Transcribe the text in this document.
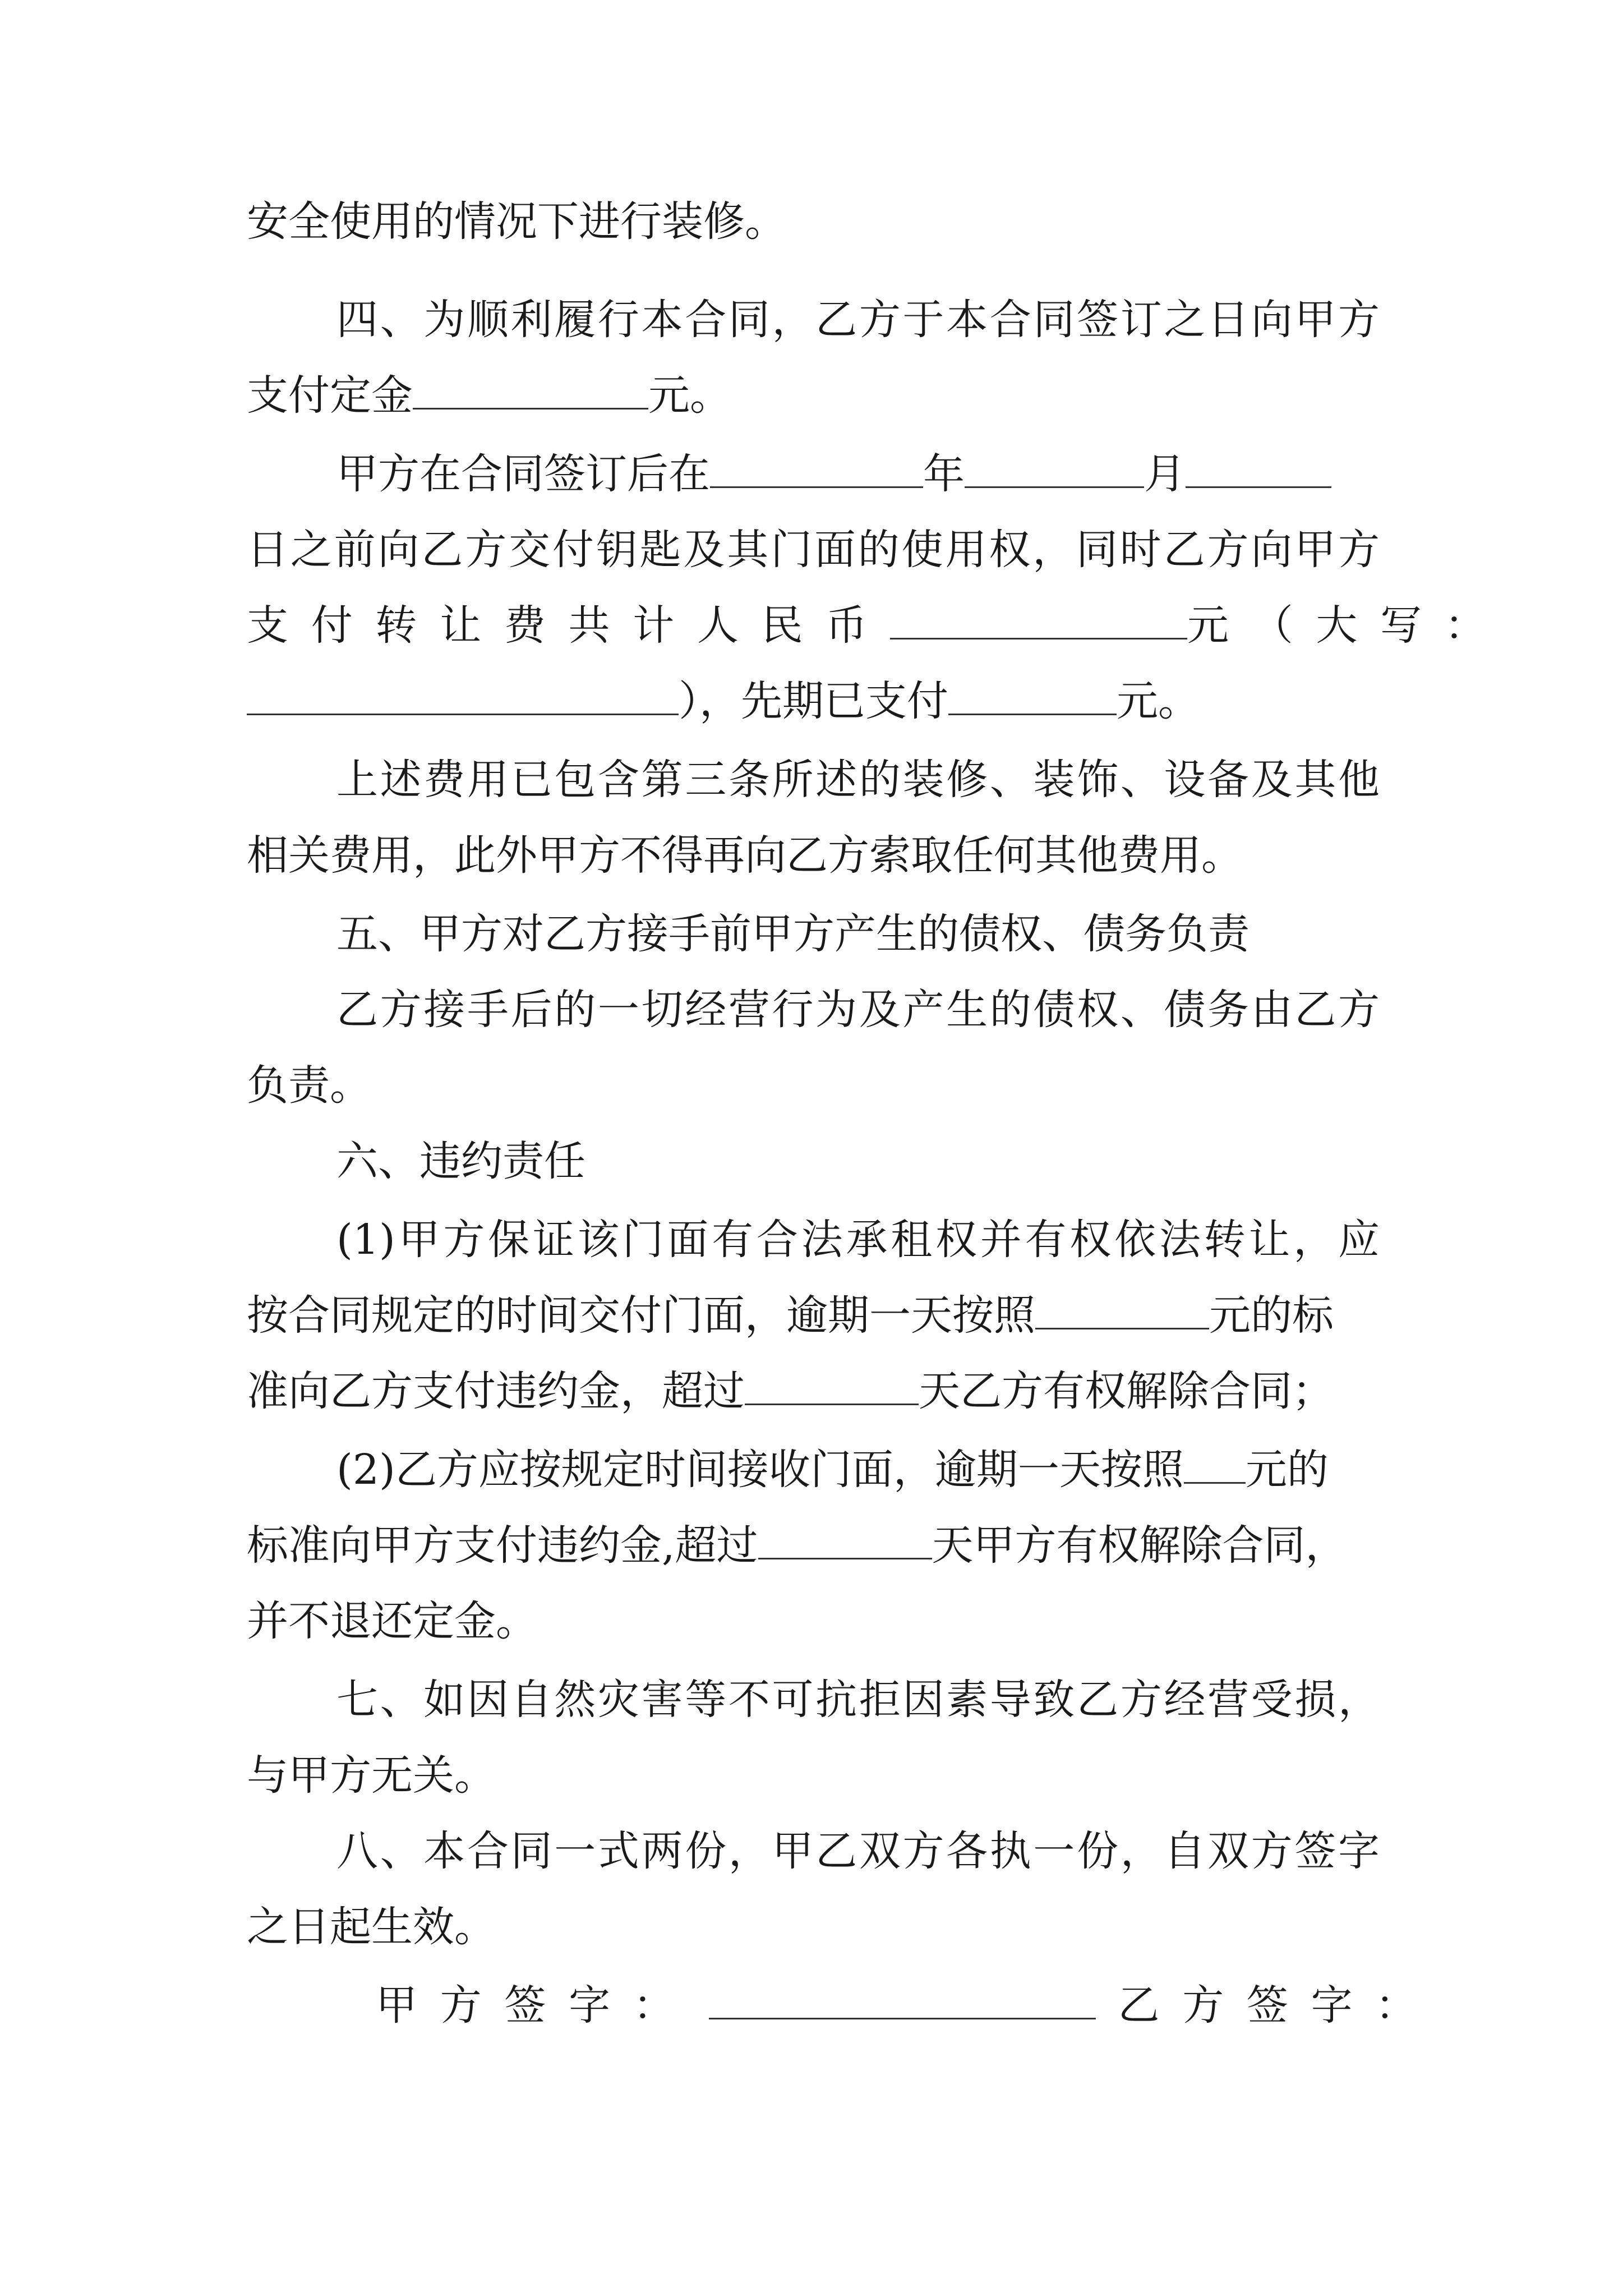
安全使用的情况下进行装修。
四、为顺利履行本合同，乙方于本合同签订之日向甲方
支付定金	元。
甲方在合同签订后在	年	月
日之前向乙方交付钥匙及其门面的使用权，同时乙方向甲方
支付转让费共计人民币	元（大写：
），先期已支付	元。
上述费用已包含第三条所述的装修、装饰、设备及其他
相关费用，此外甲方不得再向乙方索取任何其他费用。
五、甲方对乙方接手前甲方产生的债权、债务负责
乙方接手后的一切经营行为及产生的债权、债务由乙方
负责。
六、违约责任
(1)甲方保证该门面有合法承租权并有权依法转让，应
按合同规定的时间交付门面，逾期一天按照	元的标
准向乙方支付违约金，超过	天乙方有权解除合同；
(2)乙方应按规定时间接收门面，逾期一天按照 元的
标准向甲方支付违约金,超过	天甲方有权解除合同，
并不退还定金。
七、如因自然灾害等不可抗拒因素导致乙方经营受损，
与甲方无关。
八、本合同一式两份，甲乙双方各执一份，自双方签字
之日起生效。
甲方签字：	乙方签字：
